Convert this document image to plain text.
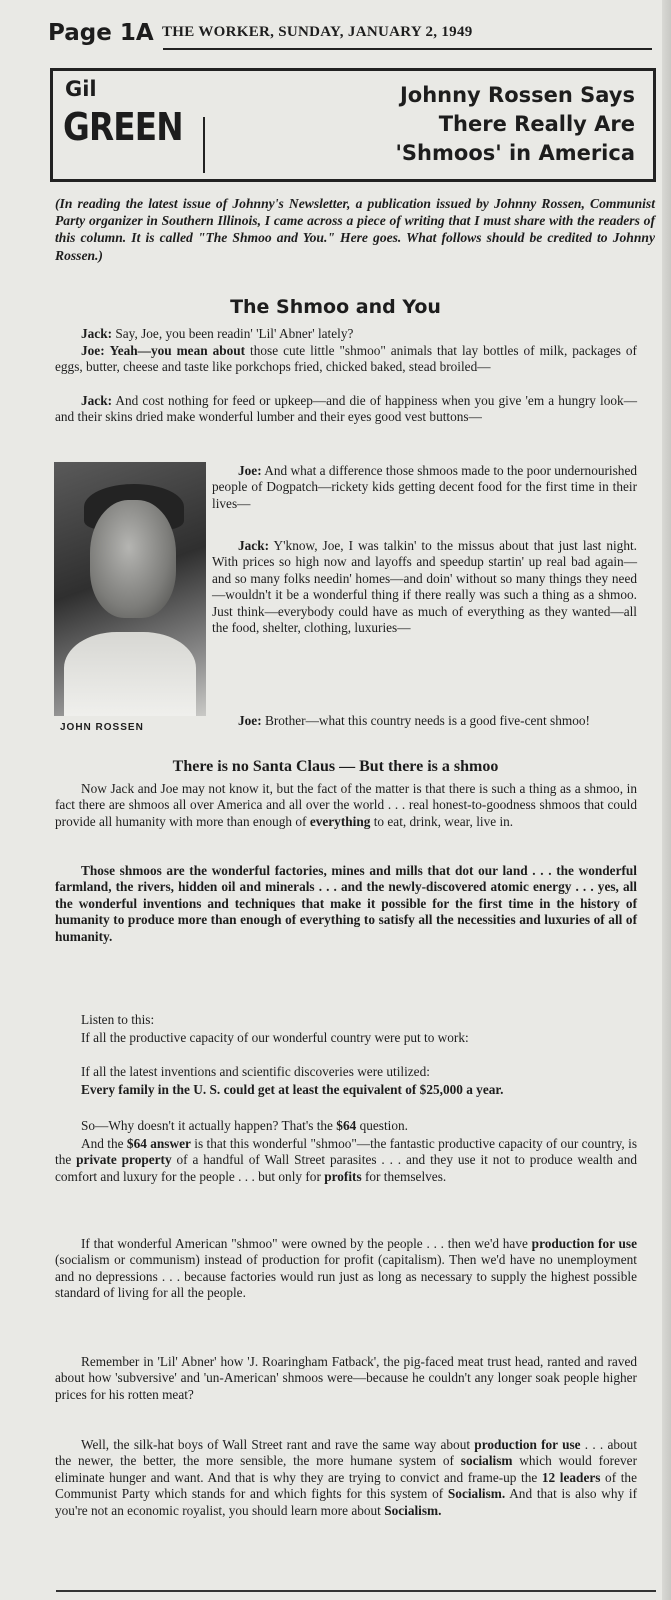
Page 1A THE WORKER, SUNDAY, JANUARY 2, 1949
Gil
GREEN
Johnny Rossen Says
There Really Are
'Shmoos' in America
(In reading the latest issue of Johnny's Newsletter, a publication issued by Johnny Rossen, Communist Party organizer in Southern Illinois, I came across a piece of writing that I must share with the readers of this column. It is called "The Shmoo and You." Here goes. What follows should be credited to Johnny Rossen.)
The Shmoo and You

Jack: Say, Joe, you been readin' 'Lil' Abner' lately?

Joe: Yeah—you mean about those cute little "shmoo" animals that lay bottles of milk, packages of eggs, butter, cheese and taste like porkchops fried, chicked baked, stead broiled—

Jack: And cost nothing for feed or upkeep—and die of happiness when you give 'em a hungry look—and their skins dried make wonderful lumber and their eyes good vest buttons—

JOHN ROSSEN

Joe: And what a difference those shmoos made to the poor undernourished people of Dogpatch—rickety kids getting decent food for the first time in their lives—

Jack: Y'know, Joe, I was talkin' to the missus about that just last night. With prices so high now and layoffs and speedup startin' up real bad again—and so many folks needin' homes—and doin' without so many things they need—wouldn't it be a wonderful thing if there really was such a thing as a shmoo. Just think—everybody could have as much of everything as they wanted—all the food, shelter, clothing, luxuries—

Joe: Brother—what this country needs is a good five-cent shmoo!

There is no Santa Claus — But there is a shmoo

Now Jack and Joe may not know it, but the fact of the matter is that there is such a thing as a shmoo, in fact there are shmoos all over America and all over the world . . . real honest-to-goodness shmoos that could provide all humanity with more than enough of everything to eat, drink, wear, live in.

Those shmoos are the wonderful factories, mines and mills that dot our land . . . the wonderful farmland, the rivers, hidden oil and minerals . . . and the newly-discovered atomic energy . . . yes, all the wonderful inventions and techniques that make it possible for the first time in the history of humanity to produce more than enough of everything to satisfy all the necessities and luxuries of all of humanity.

Listen to this:

If all the productive capacity of our wonderful country were put to work:

If all the latest inventions and scientific discoveries were utilized:

Every family in the U. S. could get at least the equivalent of $25,000 a year.

So—Why doesn't it actually happen? That's the $64 question.

And the $64 answer is that this wonderful "shmoo"—the fantastic productive capacity of our country, is the private property of a handful of Wall Street parasites . . . and they use it not to produce wealth and comfort and luxury for the people . . . but only for profits for themselves.

If that wonderful American "shmoo" were owned by the people . . . then we'd have production for use (socialism or communism) instead of production for profit (capitalism). Then we'd have no unemployment and no depressions . . . because factories would run just as long as necessary to supply the highest possible standard of living for all the people.

Remember in 'Lil' Abner' how 'J. Roaringham Fatback', the pig-faced meat trust head, ranted and raved about how 'subversive' and 'un-American' shmoos were—because he couldn't any longer soak people higher prices for his rotten meat?

Well, the silk-hat boys of Wall Street rant and rave the same way about production for use . . . about the newer, the better, the more sensible, the more humane system of socialism which would forever eliminate hunger and want. And that is why they are trying to convict and frame-up the 12 leaders of the Communist Party which stands for and which fights for this system of Socialism. And that is also why if you're not an economic royalist, you should learn more about Socialism.
